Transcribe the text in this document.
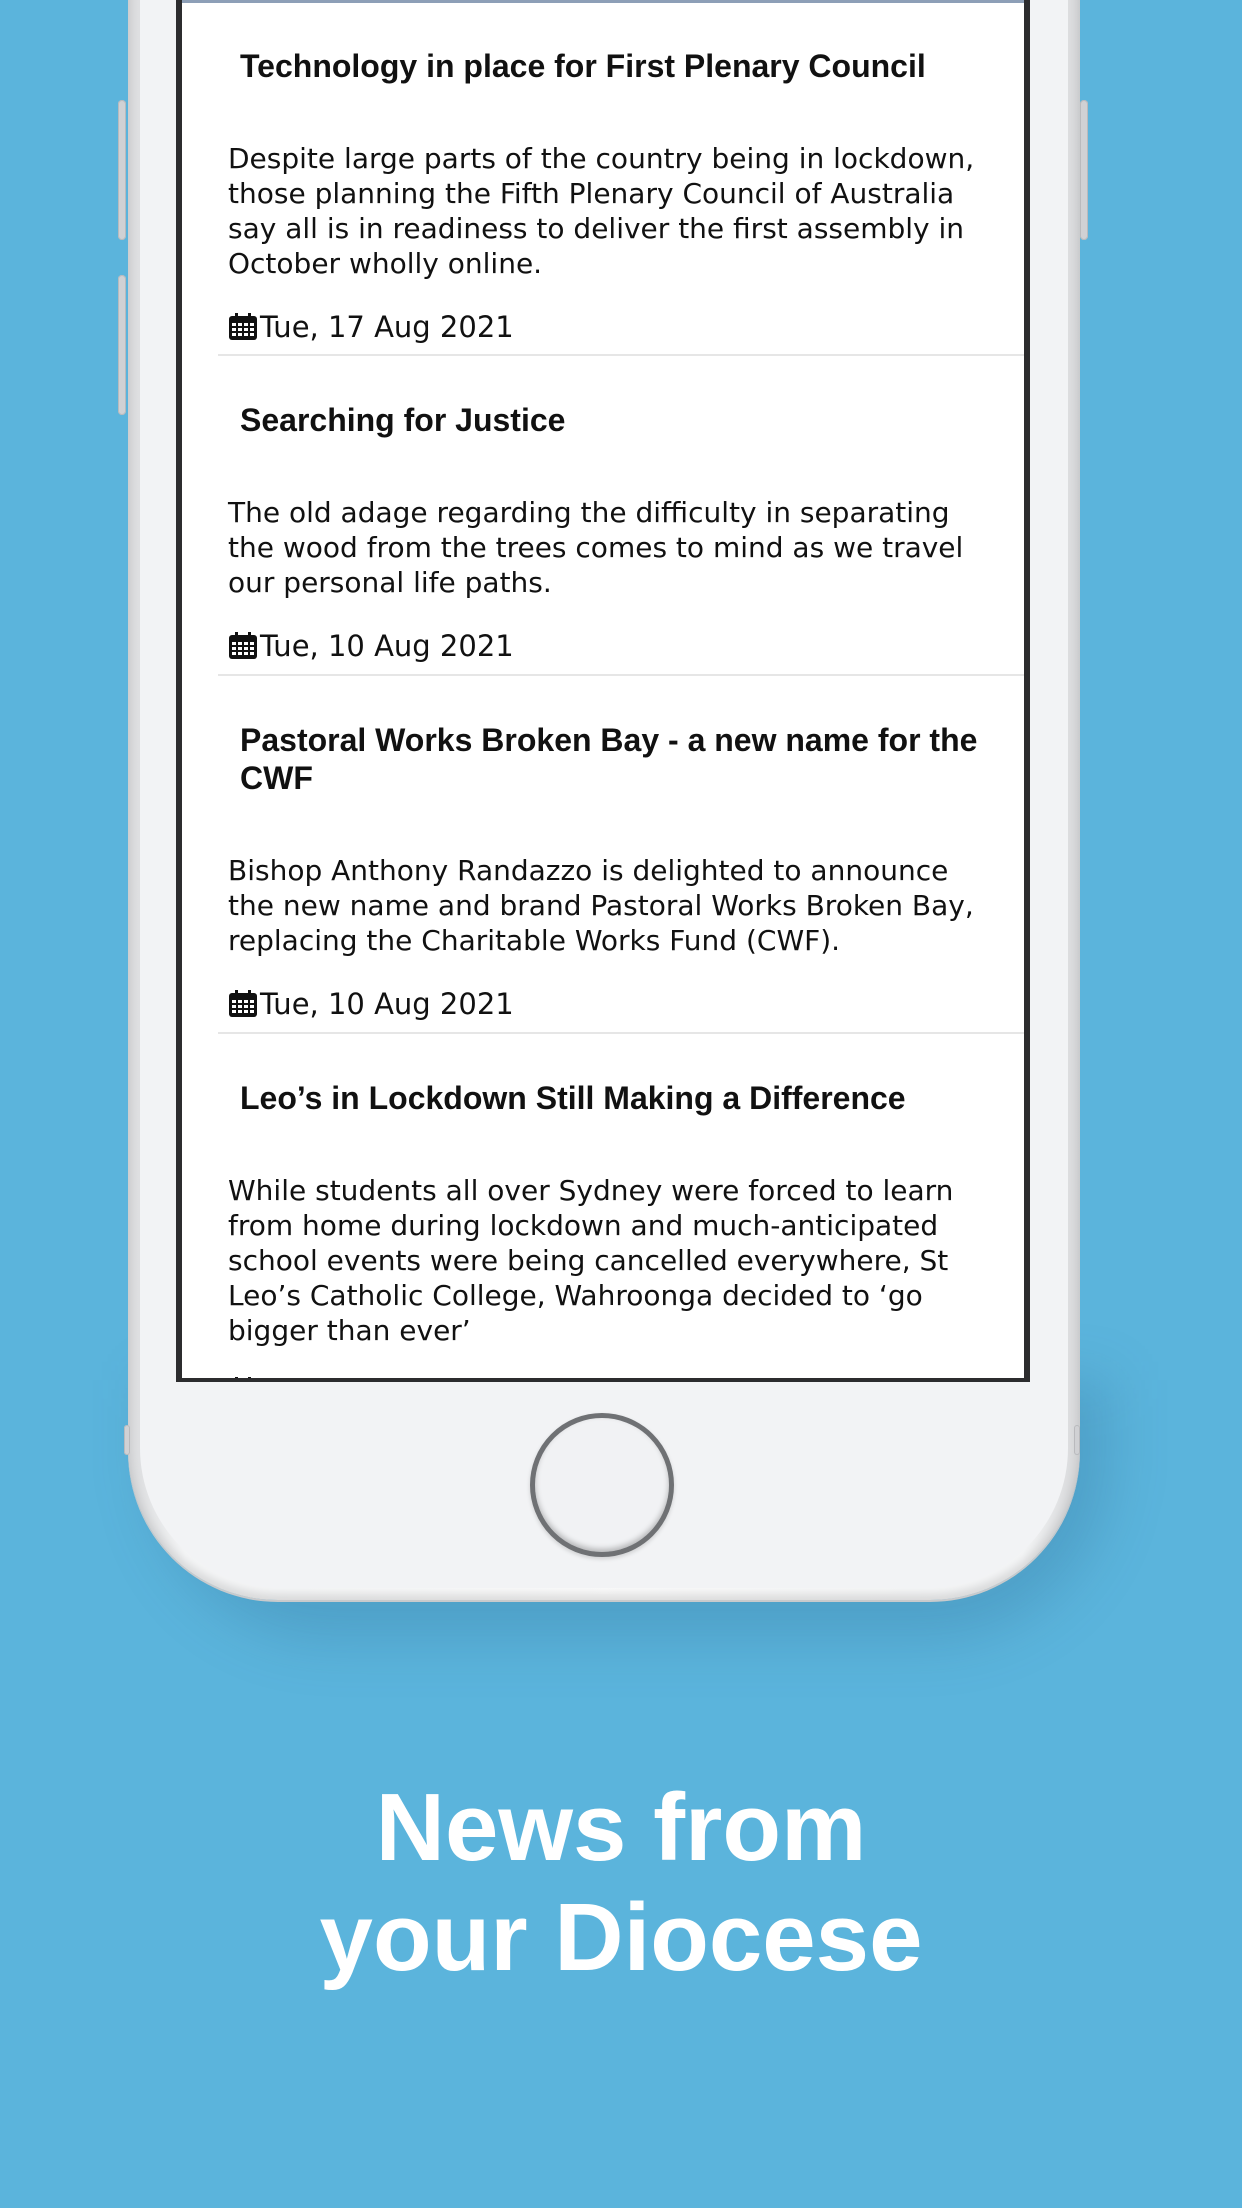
Technology in place for First Plenary Council
Despite large parts of the country being in lockdown, those planning the Fifth Plenary Council of Australia say all is in readiness to deliver the first assembly in October wholly online.
Tue, 17 Aug 2021
Searching for Justice
The old adage regarding the difficulty in separating the wood from the trees comes to mind as we travel our personal life paths.
Tue, 10 Aug 2021
Pastoral Works Broken Bay - a new name for the CWF
Bishop Anthony Randazzo is delighted to announce the new name and brand Pastoral Works Broken Bay, replacing the Charitable Works Fund (CWF).
Tue, 10 Aug 2021
Leo’s in Lockdown Still Making a Difference
While students all over Sydney were forced to learn from home during lockdown and much-anticipated school events were being cancelled everywhere, St Leo’s Catholic College, Wahroonga decided to ‘go bigger than ever’
News from
your Diocese
